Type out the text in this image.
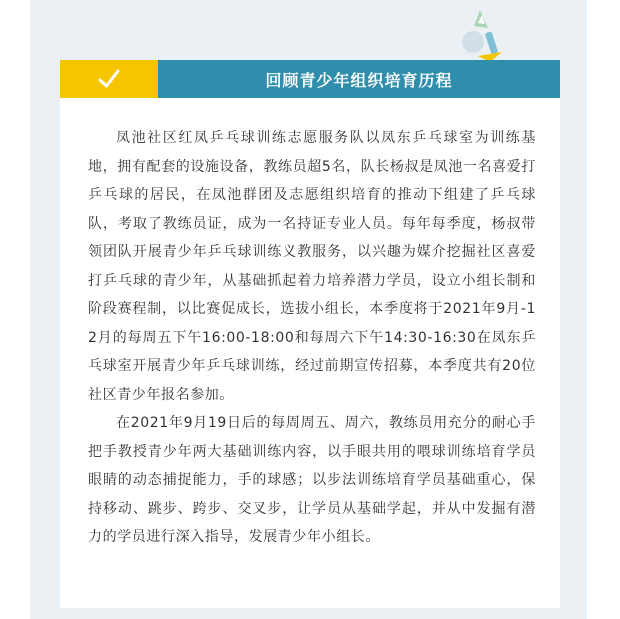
回顾青少年组织培育历程

凤池社区红凤乒乓球训练志愿服务队以凤东乒乓球室为训练基地，拥有配套的设施设备，教练员超5名，队长杨叔是凤池一名喜爱打乒乓球的居民，在凤池群团及志愿组织培育的推动下组建了乒乓球队，考取了教练员证，成为一名持证专业人员。每年每季度，杨叔带领团队开展青少年乒乓球训练义教服务，以兴趣为媒介挖掘社区喜爱打乒乓球的青少年，从基础抓起着力培养潜力学员，设立小组长制和阶段赛程制，以比赛促成长，选拔小组长，本季度将于2021年9月-12月的每周五下午16:00-18:00和每周六下午14:30-16:30在凤东乒乓球室开展青少年乒乓球训练，经过前期宣传招募，本季度共有20位社区青少年报名参加。

在2021年9月19日后的每周周五、周六，教练员用充分的耐心手把手教授青少年两大基础训练内容，以手眼共用的喂球训练培育学员眼睛的动态捕捉能力，手的球感；以步法训练培育学员基础重心，保持移动、跳步、跨步、交叉步，让学员从基础学起，并从中发掘有潜力的学员进行深入指导，发展青少年小组长。
